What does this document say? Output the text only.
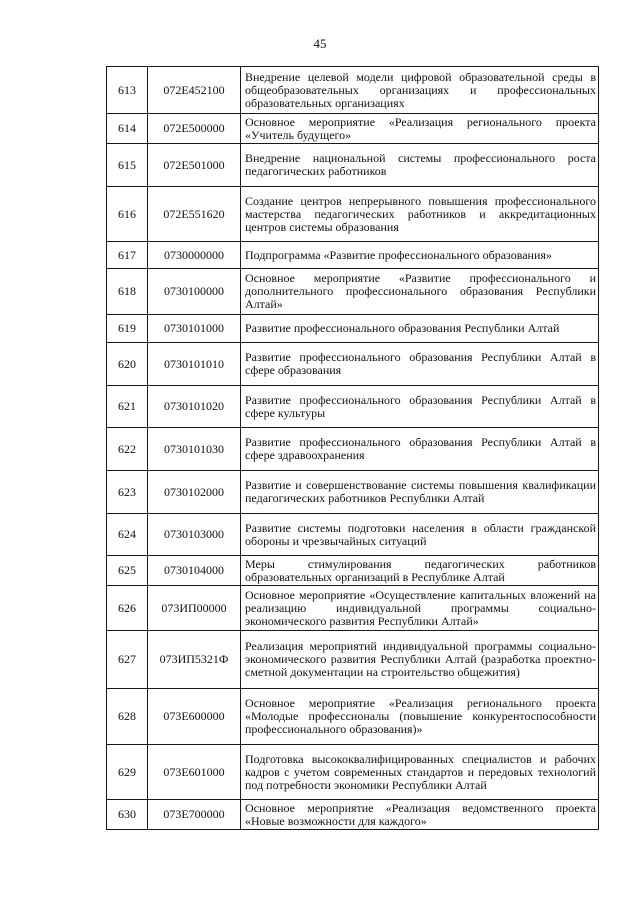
45
613	072E452100	Внедрение целевой модели цифровой образовательной среды в общеобразовательных организациях и профессиональных образовательных организациях
614	072E500000	Основное мероприятие «Реализация регионального проекта «Учитель будущего»
615	072E501000	Внедрение национальной системы профессионального роста педагогических работников
616	072E551620	Создание центров непрерывного повышения профессионального мастерства педагогических работников и аккредитационных центров системы образования
617	0730000000	Подпрограмма «Развитие профессионального образования»
618	0730100000	Основное мероприятие «Развитие профессионального и дополнительного профессионального образования Республики Алтай»
619	0730101000	Развитие профессионального образования Республики Алтай
620	0730101010	Развитие профессионального образования Республики Алтай в сфере образования
621	0730101020	Развитие профессионального образования Республики Алтай в сфере культуры
622	0730101030	Развитие профессионального образования Республики Алтай в сфере здравоохранения
623	0730102000	Развитие и совершенствование системы повышения квалификации педагогических работников Республики Алтай
624	0730103000	Развитие системы подготовки населения в области гражданской обороны и чрезвычайных ситуаций
625	0730104000	Меры стимулирования педагогических работников образовательных организаций в Республике Алтай
626	073ИП00000	Основное мероприятие «Осуществление капитальных вложений на реализацию индивидуальной программы социально-экономического развития Республики Алтай»
627	073ИП5321Ф	Реализация мероприятий индивидуальной программы социально-экономического развития Республики Алтай (разработка проектно-сметной документации на строительство общежития)
628	073E600000	Основное мероприятие «Реализация регионального проекта «Молодые профессионалы (повышение конкурентоспособности профессионального образования)»
629	073E601000	Подготовка высококвалифицированных специалистов и рабочих кадров с учетом современных стандартов и передовых технологий под потребности экономики Республики Алтай
630	073E700000	Основное мероприятие «Реализация ведомственного проекта «Новые возможности для каждого»
